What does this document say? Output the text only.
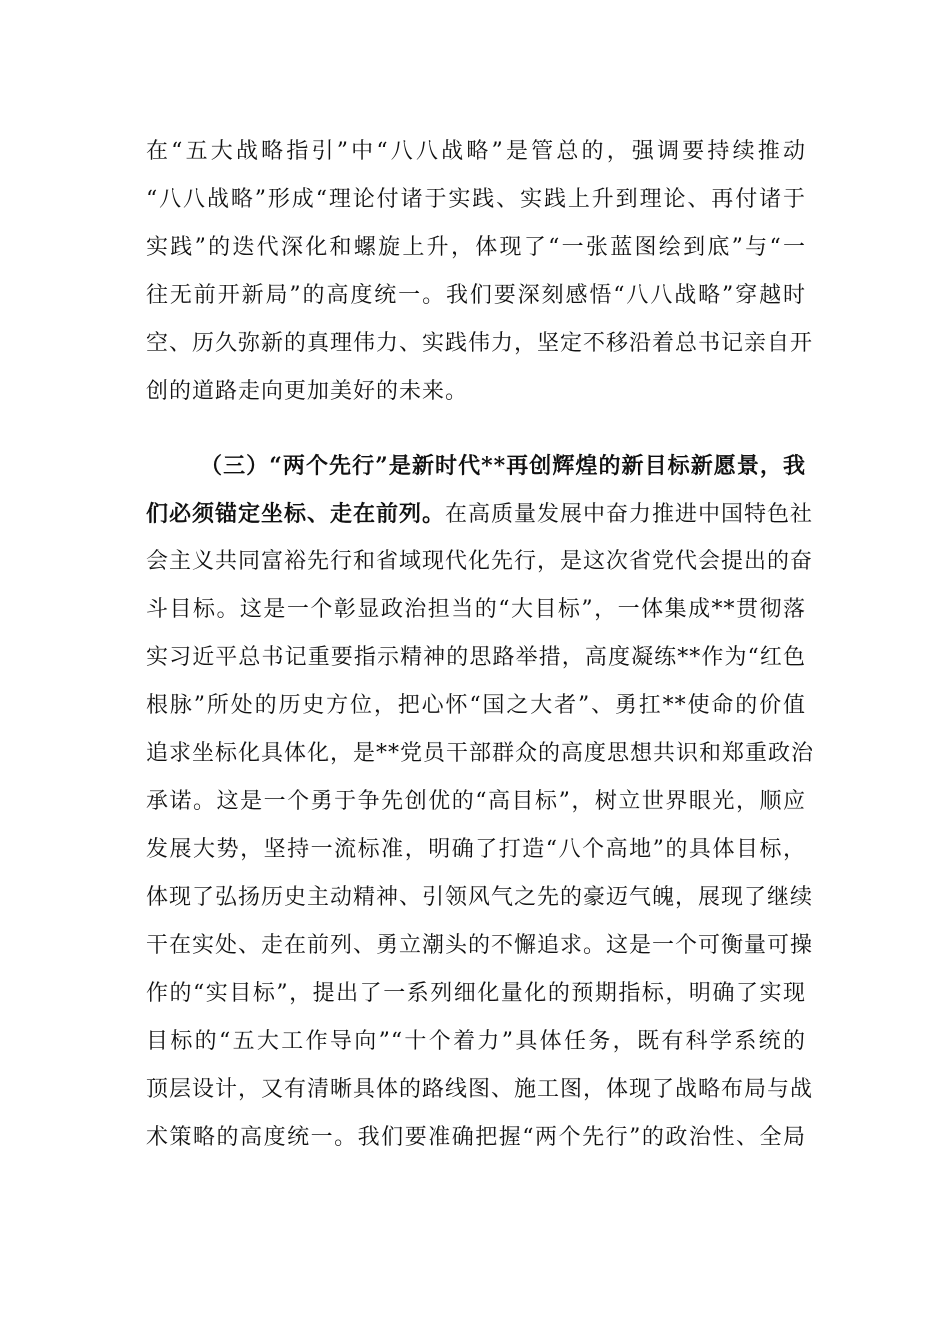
在“五大战略指引”中“八八战略”是管总的，强调要持续推动
“八八战略”形成“理论付诸于实践、实践上升到理论、再付诸于
实践”的迭代深化和螺旋上升，体现了“一张蓝图绘到底”与“一
往无前开新局”的高度统一。我们要深刻感悟“八八战略”穿越时
空、历久弥新的真理伟力、实践伟力，坚定不移沿着总书记亲自开
创的道路走向更加美好的未来。
（三）“两个先行”是新时代**再创辉煌的新目标新愿景，我
们必须锚定坐标、走在前列。在高质量发展中奋力推进中国特色社
会主义共同富裕先行和省域现代化先行，是这次省党代会提出的奋
斗目标。这是一个彰显政治担当的“大目标”，一体集成**贯彻落
实习近平总书记重要指示精神的思路举措，高度凝练**作为“红色
根脉”所处的历史方位，把心怀“国之大者”、勇扛**使命的价值
追求坐标化具体化，是**党员干部群众的高度思想共识和郑重政治
承诺。这是一个勇于争先创优的“高目标”，树立世界眼光，顺应
发展大势，坚持一流标准，明确了打造“八个高地”的具体目标，
体现了弘扬历史主动精神、引领风气之先的豪迈气魄，展现了继续
干在实处、走在前列、勇立潮头的不懈追求。这是一个可衡量可操
作的“实目标”，提出了一系列细化量化的预期指标，明确了实现
目标的“五大工作导向”“十个着力”具体任务，既有科学系统的
顶层设计，又有清晰具体的路线图、施工图，体现了战略布局与战
术策略的高度统一。我们要准确把握“两个先行”的政治性、全局
